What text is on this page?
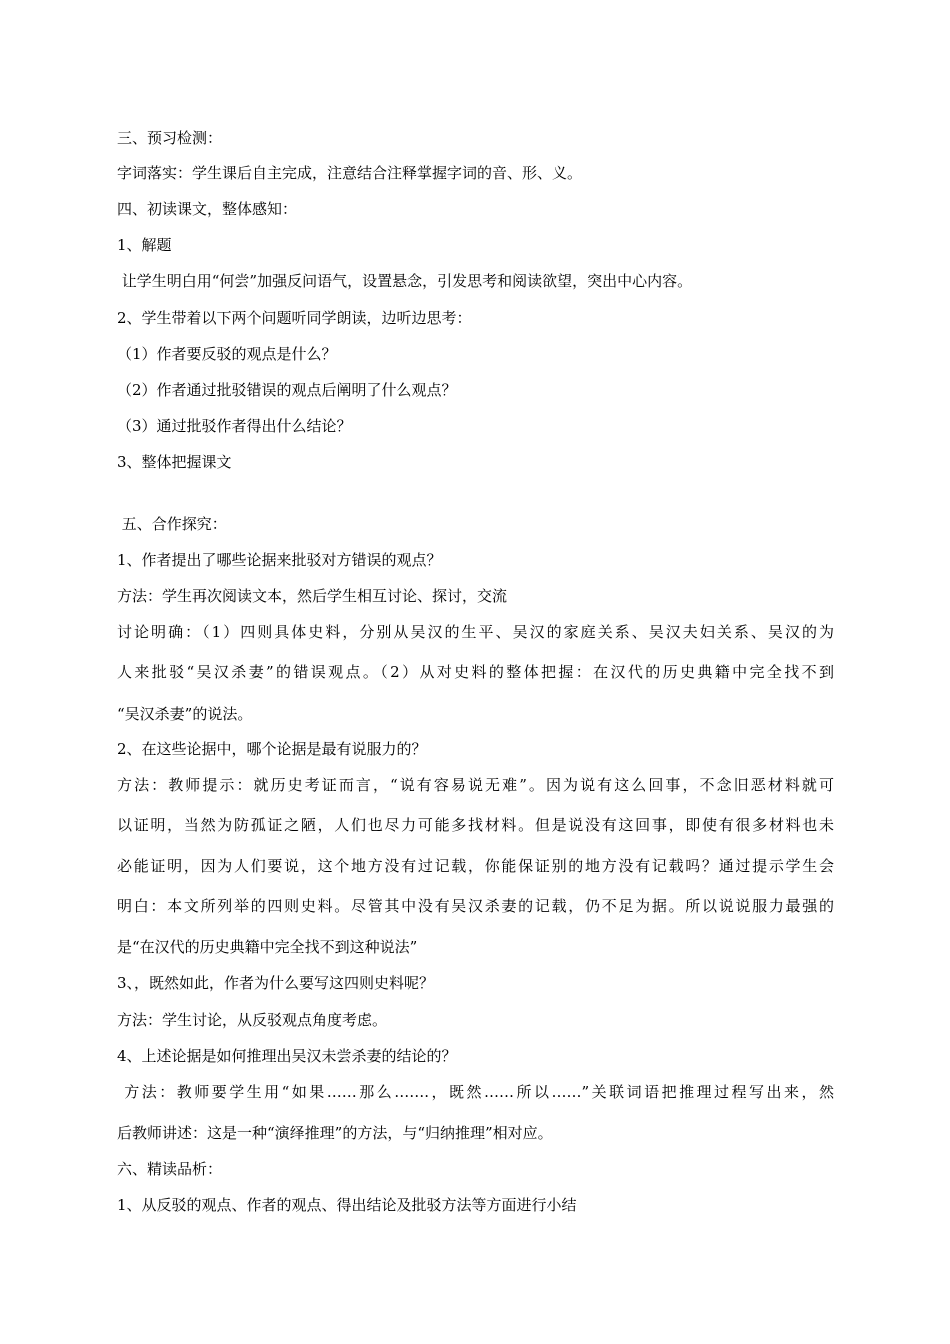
三、预习检测：
字词落实：学生课后自主完成，注意结合注释掌握字词的音、形、义。
四、初读课文，整体感知：
1、解题
让学生明白用“何尝”加强反问语气，设置悬念，引发思考和阅读欲望，突出中心内容。
2、学生带着以下两个问题听同学朗读，边听边思考：
（1）作者要反驳的观点是什么？
（2）作者通过批驳错误的观点后阐明了什么观点？
（3）通过批驳作者得出什么结论？
3、整体把握课文
五、合作探究：
1、作者提出了哪些论据来批驳对方错误的观点？
方法：学生再次阅读文本，然后学生相互讨论、探讨，交流
讨论明确：（1）四则具体史料，分别从吴汉的生平、吴汉的家庭关系、吴汉夫妇关系、吴汉的为
人来批驳“吴汉杀妻”的错误观点。（2）从对史料的整体把握：在汉代的历史典籍中完全找不到
“吴汉杀妻”的说法。
2、在这些论据中，哪个论据是最有说服力的？
方法：教师提示：就历史考证而言，“说有容易说无难”。因为说有这么回事，不念旧恶材料就可
以证明，当然为防孤证之陋，人们也尽力可能多找材料。但是说没有这回事，即使有很多材料也未
必能证明，因为人们要说，这个地方没有过记载，你能保证别的地方没有记载吗？通过提示学生会
明白：本文所列举的四则史料。尽管其中没有吴汉杀妻的记载，仍不足为据。所以说说服力最强的
是“在汉代的历史典籍中完全找不到这种说法”
3、，既然如此，作者为什么要写这四则史料呢？
方法：学生讨论，从反驳观点角度考虑。
4、上述论据是如何推理出吴汉未尝杀妻的结论的？
方法：教师要学生用“如果……那么…….，既然……所以……”关联词语把推理过程写出来，然
后教师讲述：这是一种“演绎推理”的方法，与“归纳推理”相对应。
六、精读品析：
1、从反驳的观点、作者的观点、得出结论及批驳方法等方面进行小结
